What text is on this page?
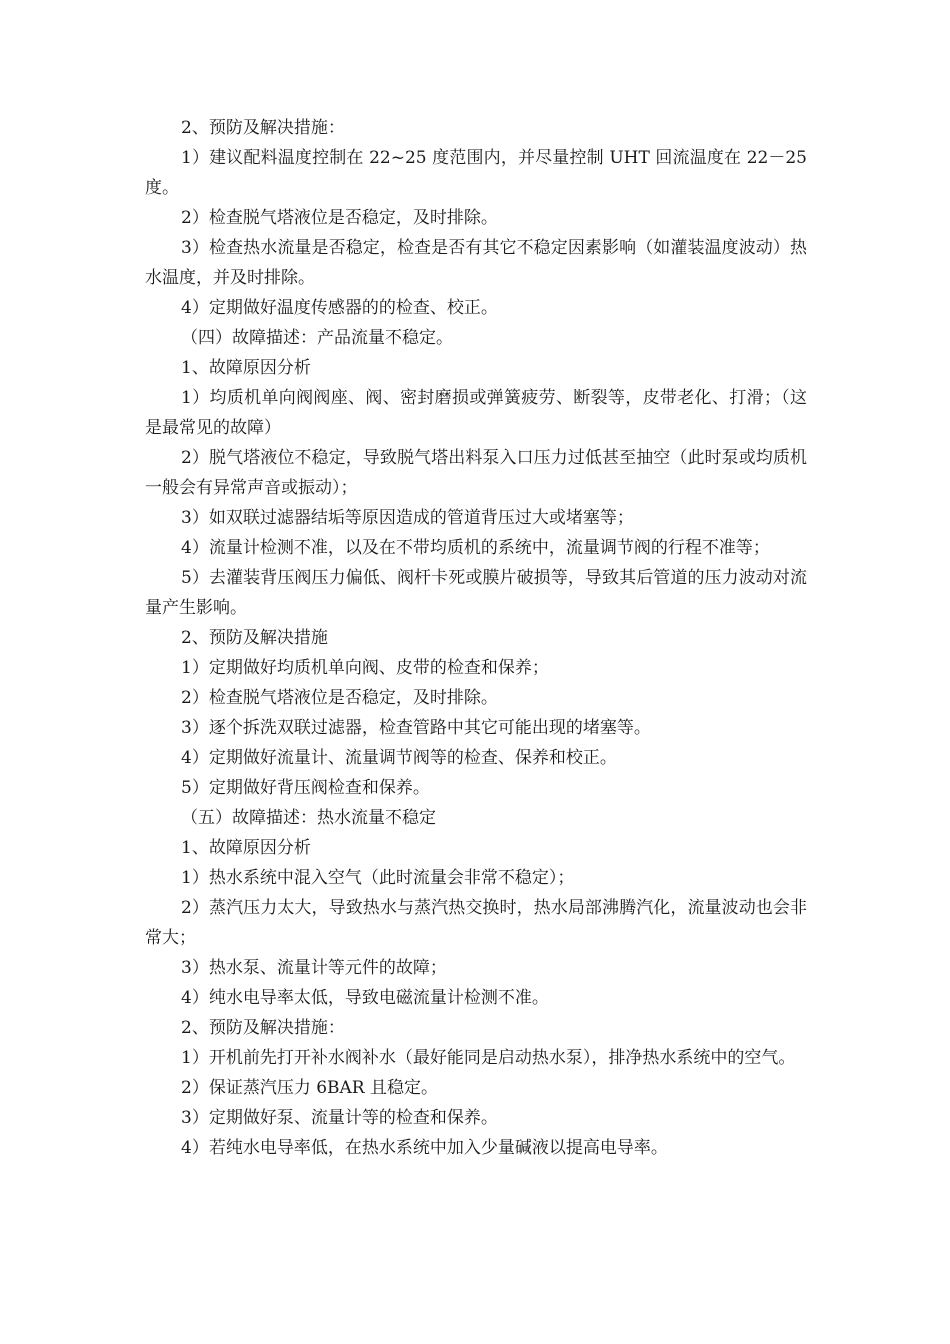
2、预防及解决措施：

1）建议配料温度控制在 22~25 度范围内，并尽量控制 UHT 回流温度在 22－25 度。

2）检查脱气塔液位是否稳定，及时排除。

3）检查热水流量是否稳定，检查是否有其它不稳定因素影响（如灌装温度波动）热水温度，并及时排除。

4）定期做好温度传感器的的检查、校正。

（四）故障描述：产品流量不稳定。

1、故障原因分析

1）均质机单向阀阀座、阀、密封磨损或弹簧疲劳、断裂等，皮带老化、打滑；（这是最常见的故障）

2）脱气塔液位不稳定，导致脱气塔出料泵入口压力过低甚至抽空（此时泵或均质机一般会有异常声音或振动）；

3）如双联过滤器结垢等原因造成的管道背压过大或堵塞等；

4）流量计检测不准，以及在不带均质机的系统中，流量调节阀的行程不准等；

5）去灌装背压阀压力偏低、阀杆卡死或膜片破损等，导致其后管道的压力波动对流量产生影响。

2、预防及解决措施

1）定期做好均质机单向阀、皮带的检查和保养；

2）检查脱气塔液位是否稳定，及时排除。

3）逐个拆洗双联过滤器，检查管路中其它可能出现的堵塞等。

4）定期做好流量计、流量调节阀等的检查、保养和校正。

5）定期做好背压阀检查和保养。

（五）故障描述：热水流量不稳定

1、故障原因分析

1）热水系统中混入空气（此时流量会非常不稳定）；

2）蒸汽压力太大，导致热水与蒸汽热交换时，热水局部沸腾汽化，流量波动也会非常大；

3）热水泵、流量计等元件的故障；

4）纯水电导率太低，导致电磁流量计检测不准。

2、预防及解决措施：

1）开机前先打开补水阀补水（最好能同是启动热水泵），排净热水系统中的空气。

2）保证蒸汽压力 6BAR 且稳定。

3）定期做好泵、流量计等的检查和保养。

4）若纯水电导率低，在热水系统中加入少量碱液以提高电导率。
